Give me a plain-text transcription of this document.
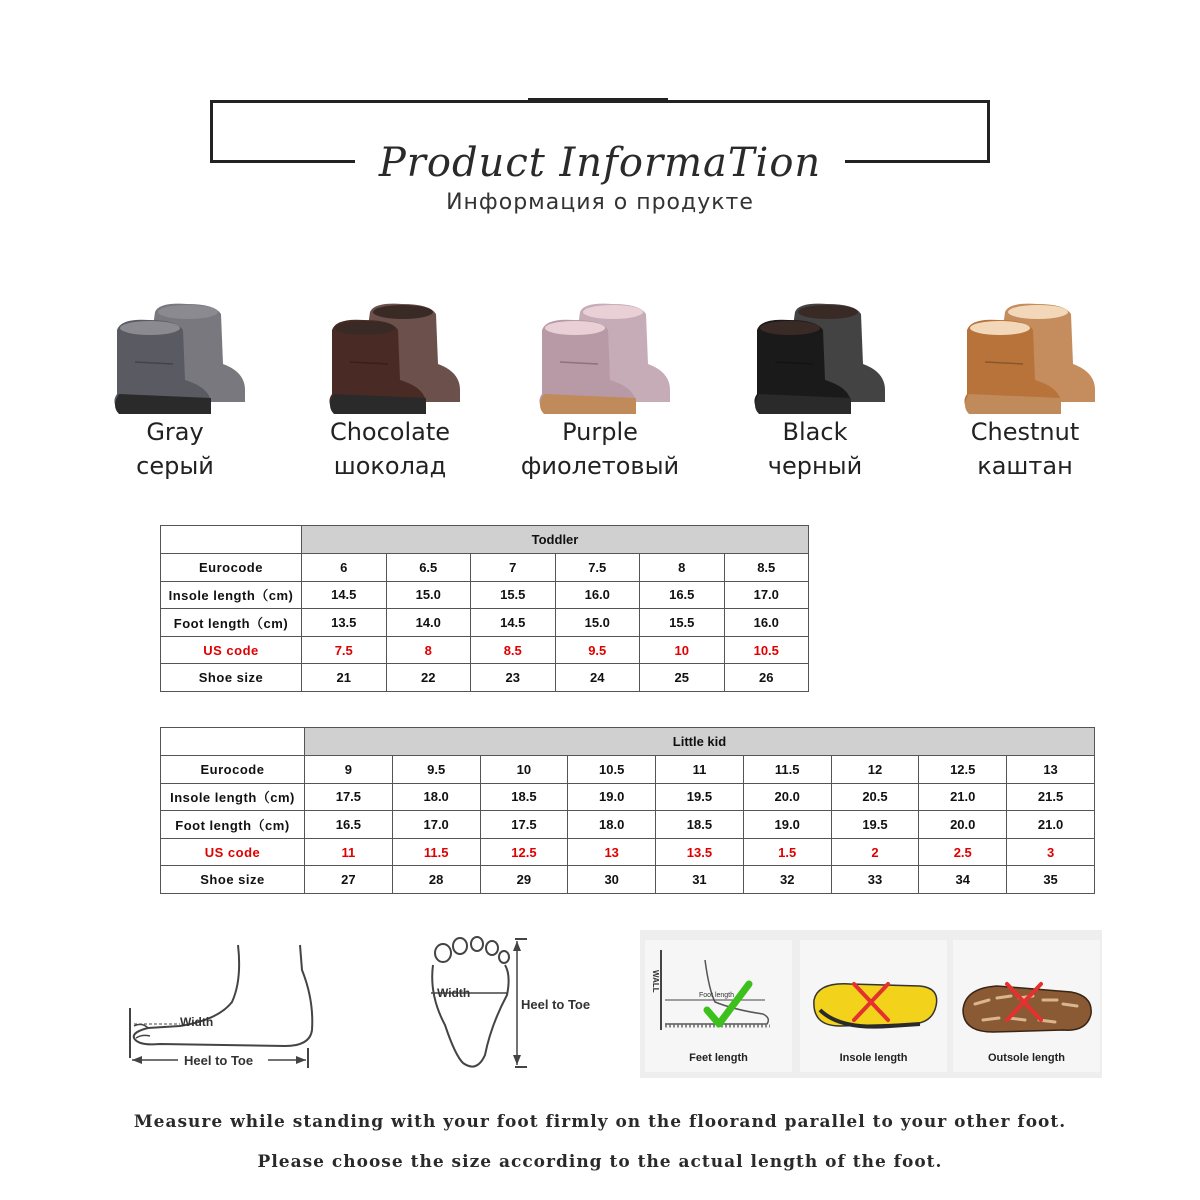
Product InformaTion
Информация о продукте
Gray
серый
Chocolate
шоколад
Purple
фиолетовый
Black
черный
Chestnut
каштан
	Toddler					
Eurocode	6	6.5	7	7.5	8	8.5
Insole length（cm)	14.5	15.0	15.5	16.0	16.5	17.0
Foot length（cm)	13.5	14.0	14.5	15.0	15.5	16.0
US code	7.5	8	8.5	9.5	10	10.5
Shoe size	21	22	23	24	25	26
	Little kid								
Eurocode	9	9.5	10	10.5	11	11.5	12	12.5	13
Insole length（cm)	17.5	18.0	18.5	19.0	19.5	20.0	20.5	21.0	21.5
Foot length（cm)	16.5	17.0	17.5	18.0	18.5	19.0	19.5	20.0	21.0
US code	11	11.5	12.5	13	13.5	1.5	2	2.5	3
Shoe size	27	28	29	30	31	32	33	34	35
Width
Heel to Toe
Width
Heel to Toe
WALL
Foot length
Feet length	Insole length	Outsole length
Measure while standing with your foot firmly on the floorand parallel to your other foot.
Please choose the size according to the actual length of the foot.
